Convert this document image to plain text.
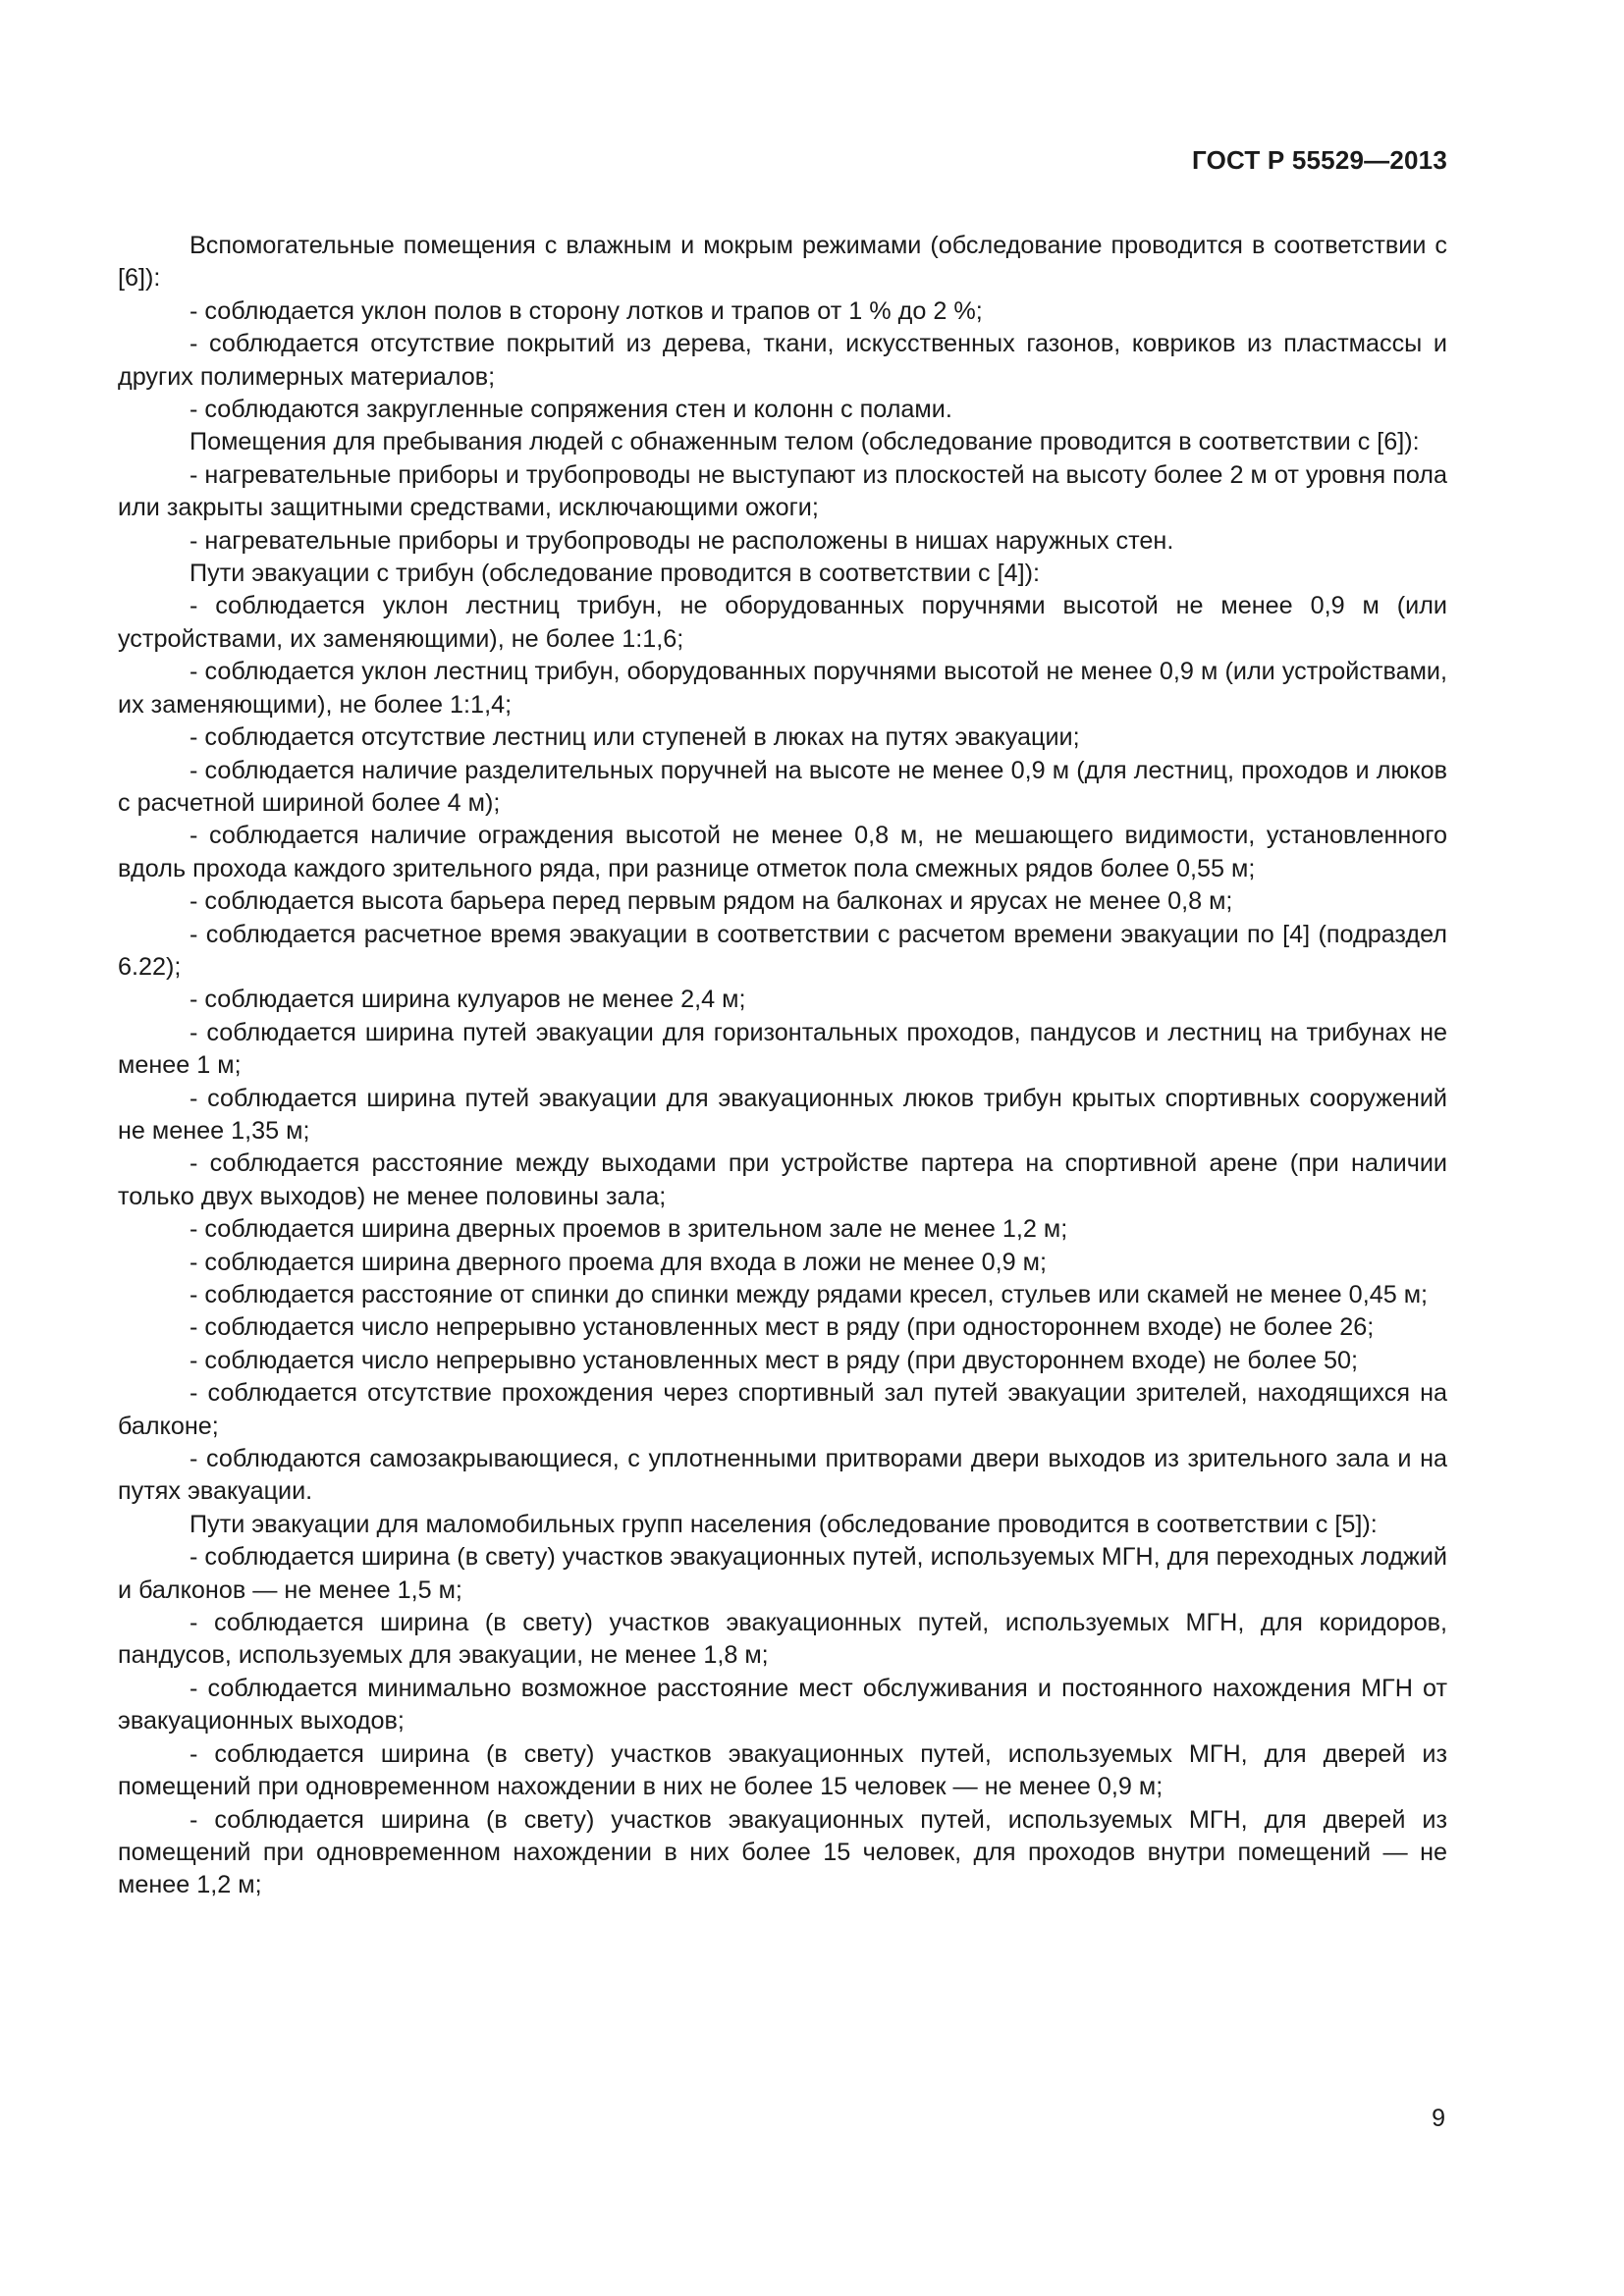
ГОСТ Р 55529—2013

Вспомогательные помещения с влажным и мокрым режимами (обследование проводится в соответствии с [6]):

- соблюдается уклон полов в сторону лотков и трапов от 1 % до 2 %;

- соблюдается отсутствие покрытий из дерева, ткани, искусственных газонов, ковриков из пластмассы и других полимерных материалов;

- соблюдаются закругленные сопряжения стен и колонн с полами.

Помещения для пребывания людей с обнаженным телом (обследование проводится в соответствии с [6]):

- нагревательные приборы и трубопроводы не выступают из плоскостей на высоту более 2 м от уровня пола или закрыты защитными средствами, исключающими ожоги;

- нагревательные приборы и трубопроводы не расположены в нишах наружных стен.

Пути эвакуации с трибун (обследование проводится в соответствии с [4]):

- соблюдается уклон лестниц трибун, не оборудованных поручнями высотой не менее 0,9 м (или устройствами, их заменяющими), не более 1:1,6;

- соблюдается уклон лестниц трибун, оборудованных поручнями высотой не менее 0,9 м (или устройствами, их заменяющими), не более 1:1,4;

- соблюдается отсутствие лестниц или ступеней в люках на путях эвакуации;

- соблюдается наличие разделительных поручней на высоте не менее 0,9 м (для лестниц, проходов и люков с расчетной шириной более 4 м);

- соблюдается наличие ограждения высотой не менее 0,8 м, не мешающего видимости, установленного вдоль прохода каждого зрительного ряда, при разнице отметок пола смежных рядов более 0,55 м;

- соблюдается высота барьера перед первым рядом на балконах и ярусах не менее 0,8 м;

- соблюдается расчетное время эвакуации в соответствии с расчетом времени эвакуации по [4] (подраздел 6.22);

- соблюдается ширина кулуаров не менее 2,4 м;

- соблюдается ширина путей эвакуации для горизонтальных проходов, пандусов и лестниц на трибунах не менее 1 м;

- соблюдается ширина путей эвакуации для эвакуационных люков трибун крытых спортивных сооружений не менее 1,35 м;

- соблюдается расстояние между выходами при устройстве партера на спортивной арене (при наличии только двух выходов) не менее половины зала;

- соблюдается ширина дверных проемов в зрительном зале не менее 1,2 м;

- соблюдается ширина дверного проема для входа в ложи не менее 0,9 м;

- соблюдается расстояние от спинки до спинки между рядами кресел, стульев или скамей не менее 0,45 м;

- соблюдается число непрерывно установленных мест в ряду (при одностороннем входе) не более 26;

- соблюдается число непрерывно установленных мест в ряду (при двустороннем входе) не более 50;

- соблюдается отсутствие прохождения через спортивный зал путей эвакуации зрителей, находящихся на балконе;

- соблюдаются самозакрывающиеся, с уплотненными притворами двери выходов из зрительного зала и на путях эвакуации.

Пути эвакуации для маломобильных групп населения (обследование проводится в соответствии с [5]):

- соблюдается ширина (в свету) участков эвакуационных путей, используемых МГН, для переходных лоджий и балконов — не менее 1,5 м;

- соблюдается ширина (в свету) участков эвакуационных путей, используемых МГН, для коридоров, пандусов, используемых для эвакуации, не менее 1,8 м;

- соблюдается минимально возможное расстояние мест обслуживания и постоянного нахождения МГН от эвакуационных выходов;

- соблюдается ширина (в свету) участков эвакуационных путей, используемых МГН, для дверей из помещений при одновременном нахождении в них не более 15 человек — не менее 0,9 м;

- соблюдается ширина (в свету) участков эвакуационных путей, используемых МГН, для дверей из помещений при одновременном нахождении в них более 15 человек, для проходов внутри помещений — не менее 1,2 м;

9
